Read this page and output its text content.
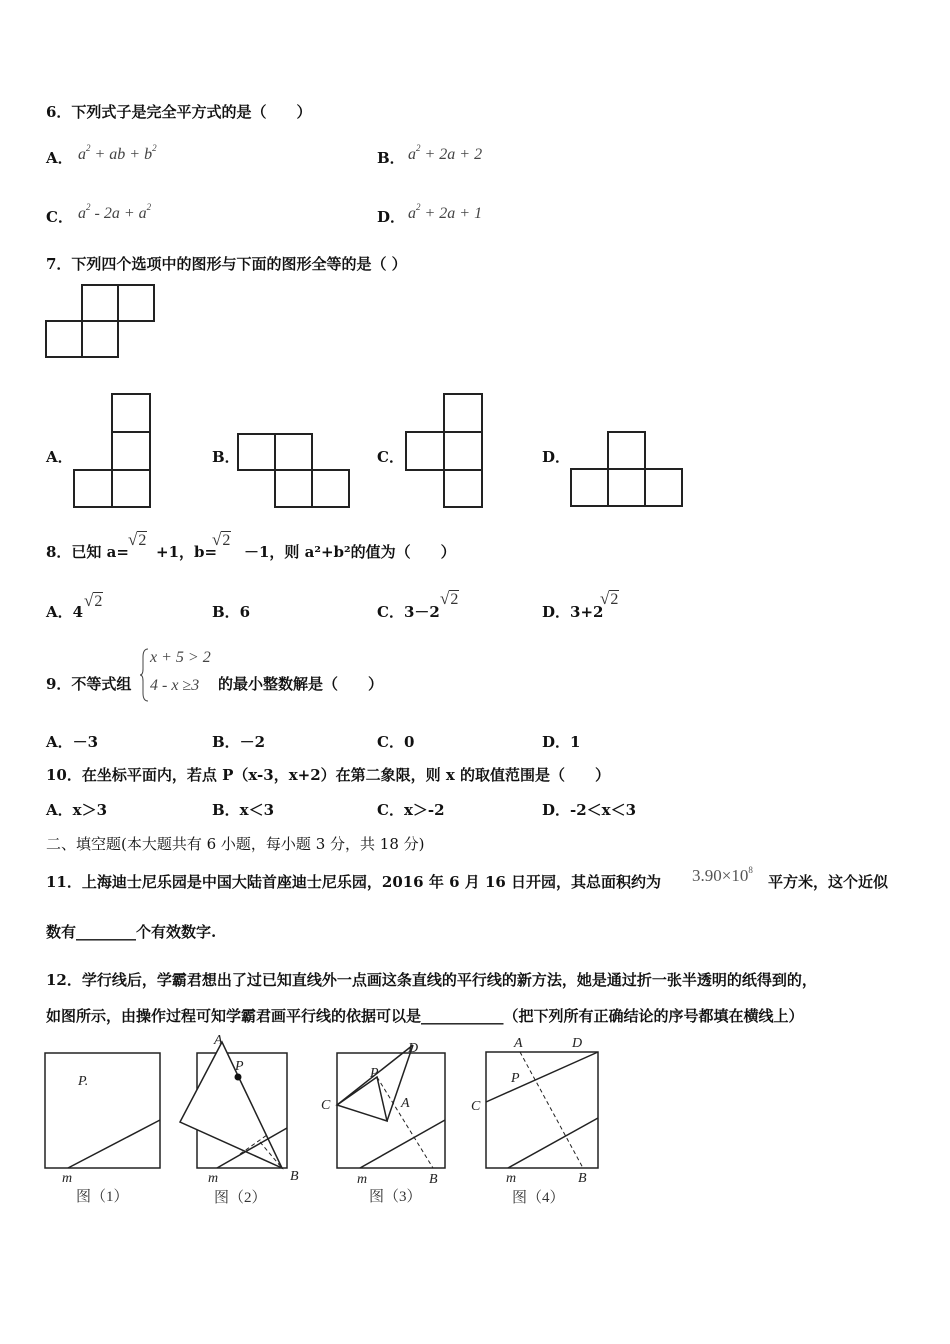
6．下列式子是完全平方式的是（　　）
A． $a^2$ + ab + $b^2$
B． $a^2 + 2a + 2$
C． $a^2 - 2a + a^2$
D． $a^2 + 2a + 1$
7．下列四个选项中的图形与下面的图形全等的是（ ）
A．	B．	C．	D．
8．已知 a=
√2
+1，b=
√2
－1，则 a²+b²的值为（　　）
A．4
√2
B．6	C．3－2
√2
D．3+2
√2
9．不等式组
x + 5 > 2
4 - x ≥3 的最小整数解是（　　）
A．－3	B．－2	C．0	D．1
10．在坐标平面内，若点 P（x-3，x+2）在第二象限，则 x 的取值范围是（　　）
A．x＞3	B．x＜3	C．x＞-2	D．-2＜x＜3
二、填空题(本大题共有 6 小题，每小题 3 分，共 18 分)
11．上海迪士尼乐园是中国大陆首座迪士尼乐园，2016 年 6 月 16 日开园，其总面积约为 $3.90\times 10^8$
平方米，这个近似
数有________个有效数字.
12．学行线后，学霸君想出了过已知直线外一点画这条直线的平行线的新方法，她是通过折一张半透明的纸得到的，
如图所示，由操作过程可知学霸君画平行线的依据可以是___________（把下列所有正确结论的序号都填在横线上）
P.
m
图（1）
A
P
m	B
图（2）
D
P
C	A
m	B
图（3）
A	D
P
C
m	B
图（4）
